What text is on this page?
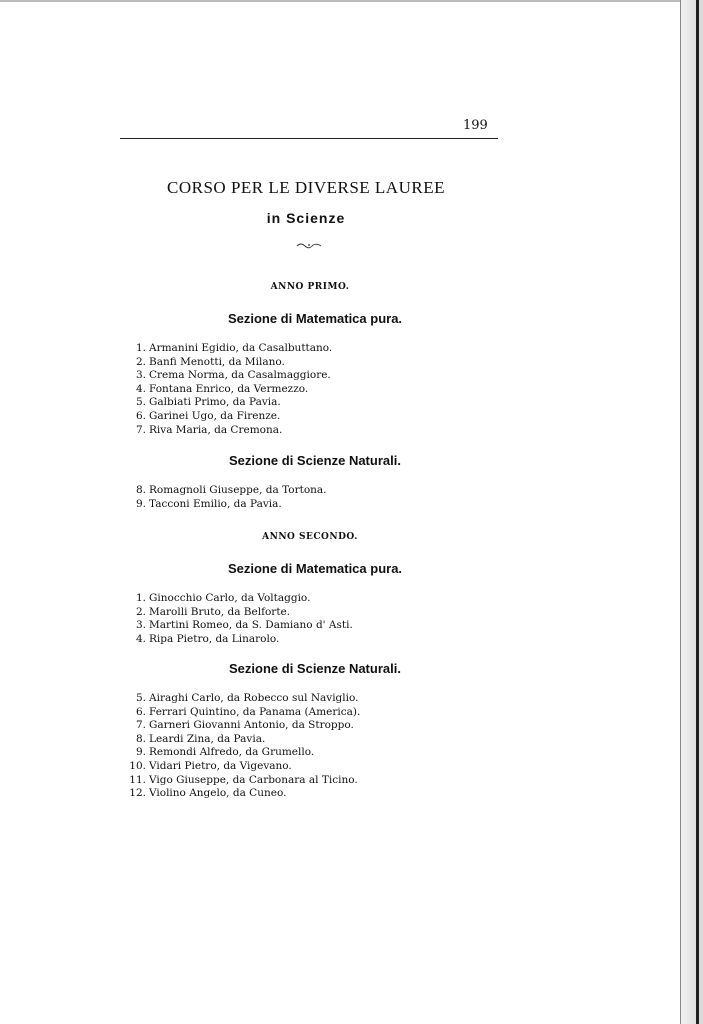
199
CORSO PER LE DIVERSE LAUREE
in Scienze
ANNO PRIMO.
Sezione di Matematica pura.
1. Armanini Egidio, da Casalbuttano.
2. Banfi Menotti, da Milano.
3. Crema Norma, da Casalmaggiore.
4. Fontana Enrico, da Vermezzo.
5. Galbiati Primo, da Pavia.
6. Garinei Ugo, da Firenze.
7. Riva Maria, da Cremona.
Sezione di Scienze Naturali.
8. Romagnoli Giuseppe, da Tortona.
9. Tacconi Emilio, da Pavia.
ANNO SECONDO.
Sezione di Matematica pura.
1. Ginocchio Carlo, da Voltaggio.
2. Marolli Bruto, da Belforte.
3. Martini Romeo, da S. Damiano d' Asti.
4. Ripa Pietro, da Linarolo.
Sezione di Scienze Naturali.
5. Airaghi Carlo, da Robecco sul Naviglio.
6. Ferrari Quintino, da Panama (America).
7. Garneri Giovanni Antonio, da Stroppo.
8. Leardi Zina, da Pavia.
9. Remondi Alfredo, da Grumello.
10. Vidari Pietro, da Vigevano.
11. Vigo Giuseppe, da Carbonara al Ticino.
12. Violino Angelo, da Cuneo.
